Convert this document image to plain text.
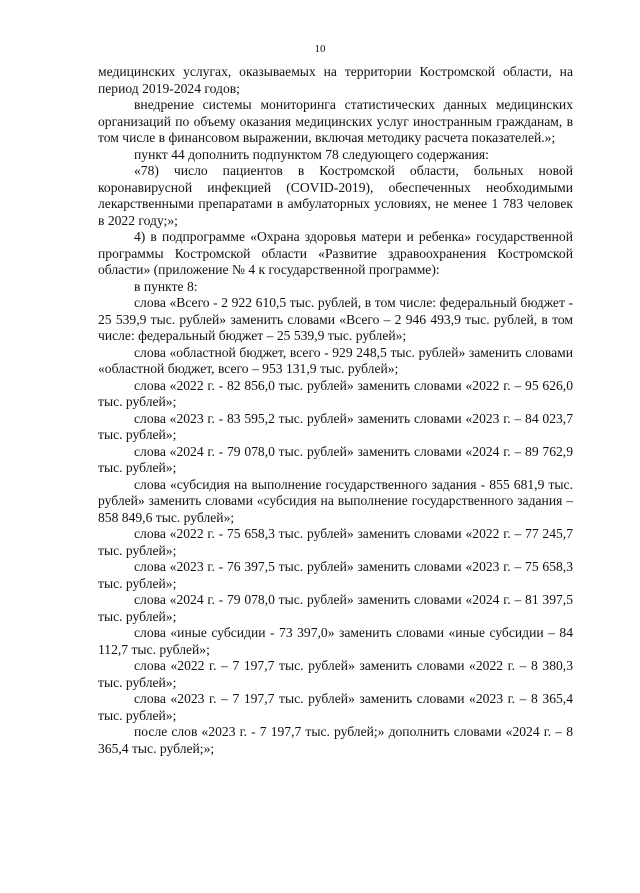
10

медицинских услугах, оказываемых на территории Костромской области, на период 2019-2024 годов;

внедрение системы мониторинга статистических данных медицинских организаций по объему оказания медицинских услуг иностранным гражданам, в том числе в финансовом выражении, включая методику расчета показателей.»;

пункт 44 дополнить подпунктом 78 следующего содержания:

«78) число пациентов в Костромской области, больных новой коронавирусной инфекцией (COVID-2019), обеспеченных необходимыми лекарственными препаратами в амбулаторных условиях, не менее 1 783 человек в 2022 году;»;

4) в подпрограмме «Охрана здоровья матери и ребенка» государственной программы Костромской области «Развитие здравоохранения Костромской области» (приложение № 4 к государственной программе):

в пункте 8:

слова «Всего - 2 922 610,5 тыс. рублей, в том числе: федеральный бюджет - 25 539,9 тыс. рублей» заменить словами «Всего – 2 946 493,9 тыс. рублей, в том числе: федеральный бюджет – 25 539,9 тыс. рублей»;

слова «областной бюджет, всего - 929 248,5 тыс. рублей» заменить словами «областной бюджет, всего – 953 131,9 тыс. рублей»;

слова «2022 г. - 82 856,0 тыс. рублей» заменить словами «2022 г. – 95 626,0 тыс. рублей»;

слова «2023 г. - 83 595,2 тыс. рублей» заменить словами «2023 г. – 84 023,7 тыс. рублей»;

слова «2024 г. - 79 078,0 тыс. рублей» заменить словами «2024 г. – 89 762,9 тыс. рублей»;

слова «субсидия на выполнение государственного задания - 855 681,9 тыс. рублей» заменить словами «субсидия на выполнение государственного задания – 858 849,6 тыс. рублей»;

слова «2022 г. - 75 658,3 тыс. рублей» заменить словами «2022 г. – 77 245,7 тыс. рублей»;

слова «2023 г. - 76 397,5 тыс. рублей» заменить словами «2023 г. – 75 658,3 тыс. рублей»;

слова «2024 г. - 79 078,0 тыс. рублей» заменить словами «2024 г. – 81 397,5 тыс. рублей»;

слова «иные субсидии - 73 397,0» заменить словами «иные субсидии – 84 112,7 тыс. рублей»;

слова «2022 г. – 7 197,7 тыс. рублей» заменить словами «2022 г. – 8 380,3 тыс. рублей»;

слова «2023 г. – 7 197,7 тыс. рублей» заменить словами «2023 г. – 8 365,4 тыс. рублей»;

после слов «2023 г. - 7 197,7 тыс. рублей;» дополнить словами «2024 г. – 8 365,4 тыс. рублей;»;
